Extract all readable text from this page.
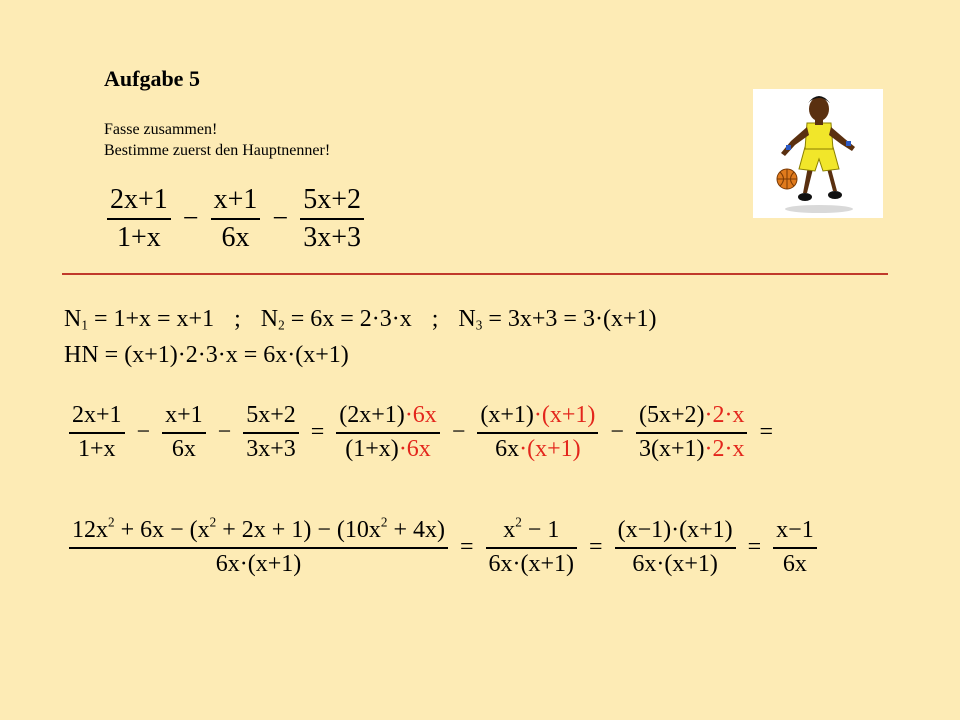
Aufgabe 5
Fasse zusammen!
Bestimme zuerst den Hauptnenner!
$\frac{2x+1}{1+x} - \frac{x+1}{6x} - \frac{5x+2}{3x+3}$
$N_1 = 1+x = x+1$ ; $N_2 = 6x = 2\cdot 3\cdot x$ ; $N_3 = 3x+3 = 3\cdot(x+1)$
HN = (x+1)·2·3·x = 6x·(x+1)
$\frac{2x+1}{1+x} - \frac{x+1}{6x} - \frac{5x+2}{3x+3} = \frac{(2x+1)\cdot 6x}{(1+x)\cdot 6x} - \frac{(x+1)\cdot(x+1)}{6x\cdot(x+1)} - \frac{(5x+2)\cdot 2\cdot x}{3(x+1)\cdot 2\cdot x}$ =
$\frac{12x^2 + 6x - (x^2 + 2x + 1) - (10x^2 + 4x)}{6x\cdot(x+1)} = \frac{x^2 - 1}{6x\cdot(x+1)} = \frac{(x-1)\cdot(x+1)}{6x\cdot(x+1)} = \frac{x-1}{6x}$
